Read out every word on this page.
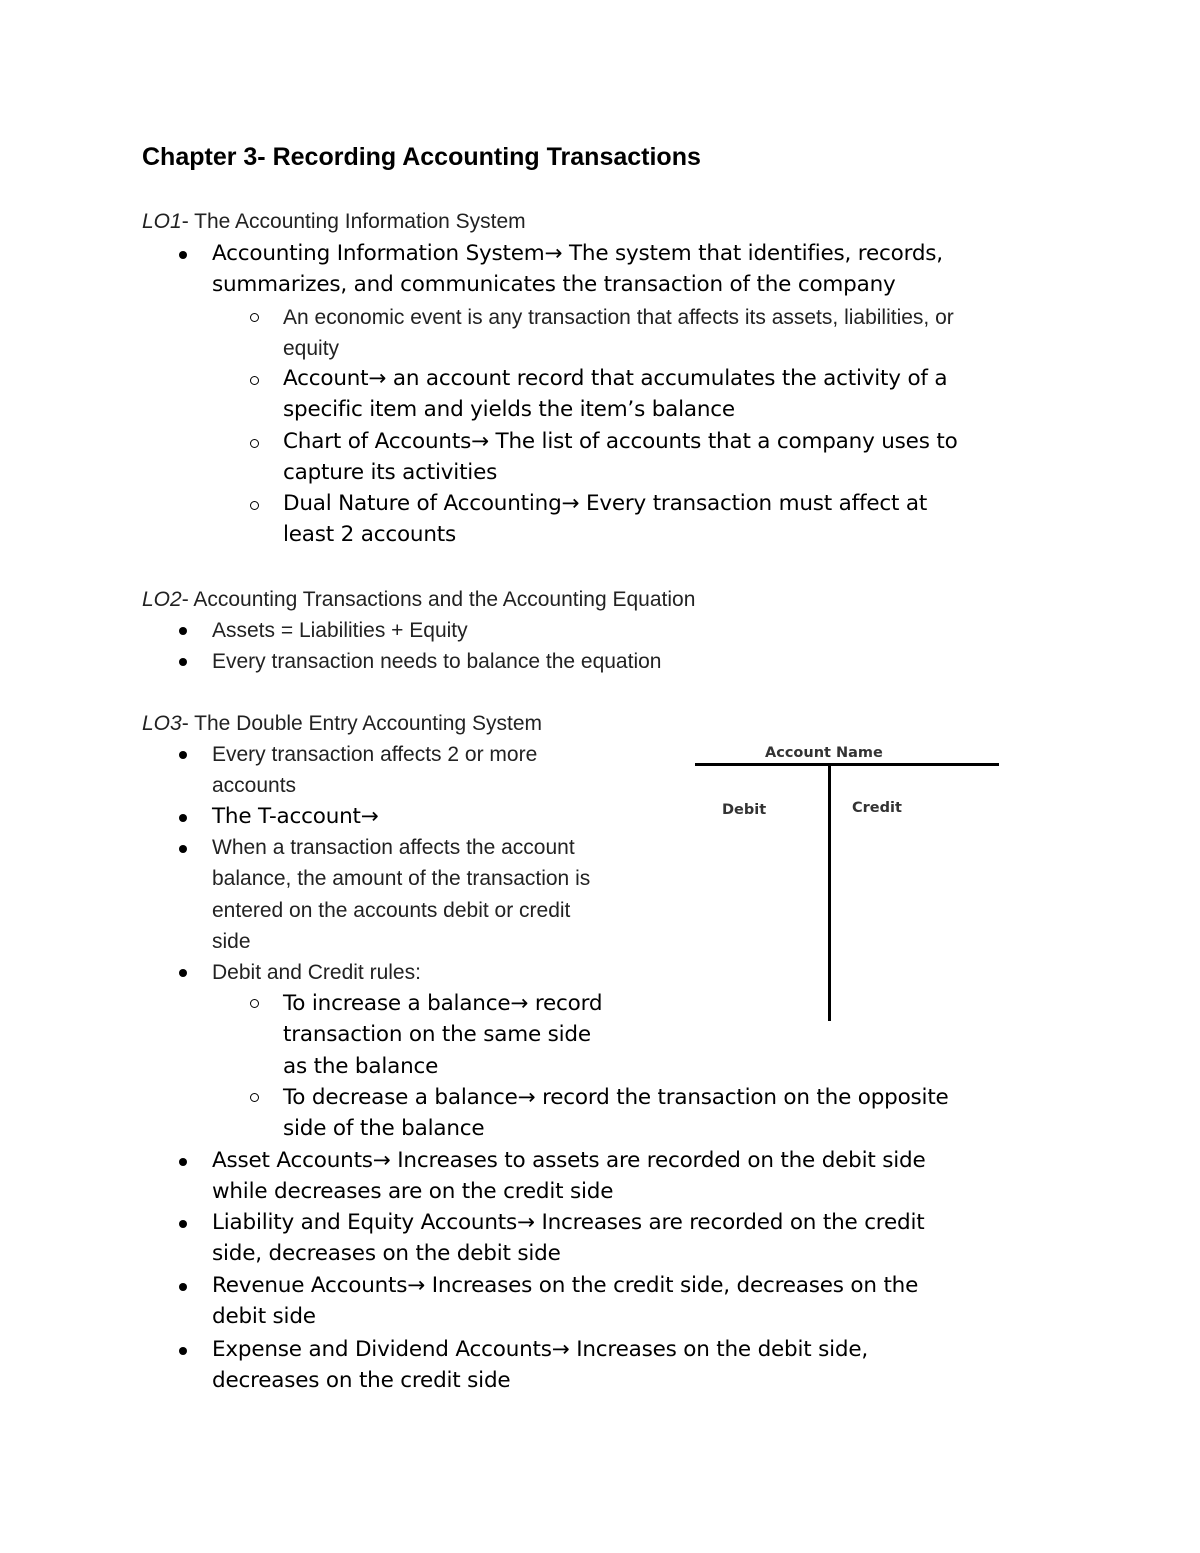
Chapter 3- Recording Accounting Transactions
LO1- The Accounting Information System
Accounting Information System→ The system that identifies, records,
summarizes, and communicates the transaction of the company
An economic event is any transaction that affects its assets, liabilities, or
equity
Account→ an account record that accumulates the activity of a
specific item and yields the item’s balance
Chart of Accounts→ The list of accounts that a company uses to
capture its activities
Dual Nature of Accounting→ Every transaction must affect at
least 2 accounts
LO2- Accounting Transactions and the Accounting Equation
Assets = Liabilities + Equity
Every transaction needs to balance the equation
LO3- The Double Entry Accounting System
Every transaction affects 2 or more
accounts
The T-account→
When a transaction affects the account
balance, the amount of the transaction is
entered on the accounts debit or credit
side
Debit and Credit rules:
To increase a balance→ record
transaction on the same side
as the balance
To decrease a balance→ record the transaction on the opposite
side of the balance
Asset Accounts→ Increases to assets are recorded on the debit side
while decreases are on the credit side
Liability and Equity Accounts→ Increases are recorded on the credit
side, decreases on the debit side
Revenue Accounts→ Increases on the credit side, decreases on the
debit side
Expense and Dividend Accounts→ Increases on the debit side,
decreases on the credit side
Account Name
Debit	Credit
